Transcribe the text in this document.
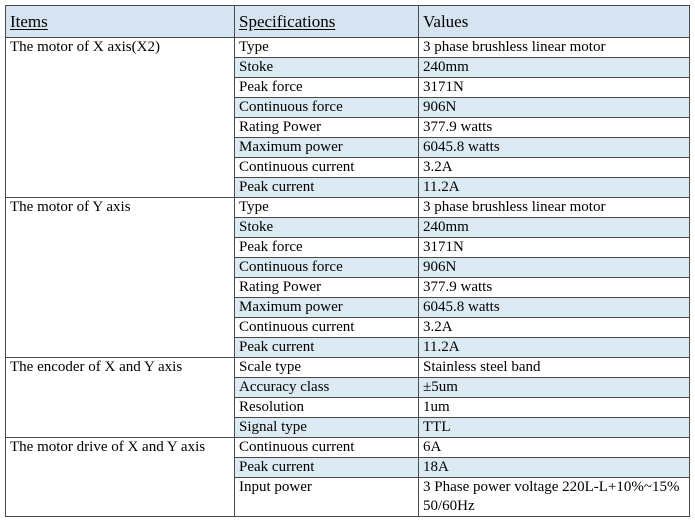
Items	Specifications	Values
The motor of X axis(X2)	Type	3 phase brushless linear motor
	Stoke	240mm
	Peak force	3171N
	Continuous force	906N
	Rating Power	377.9 watts
	Maximum power	6045.8 watts
	Continuous current	3.2A
	Peak current	11.2A
The motor of Y axis	Type	3 phase brushless linear motor
	Stoke	240mm
	Peak force	3171N
	Continuous force	906N
	Rating Power	377.9 watts
	Maximum power	6045.8 watts
	Continuous current	3.2A
	Peak current	11.2A
The encoder of X and Y axis	Scale type	Stainless steel band
	Accuracy class	±5um
	Resolution	1um
	Signal type	TTL
The motor drive of X and Y axis	Continuous current	6A
	Peak current	18A
	Input power	3 Phase power voltage 220L-L+10%~15% 50/60Hz
